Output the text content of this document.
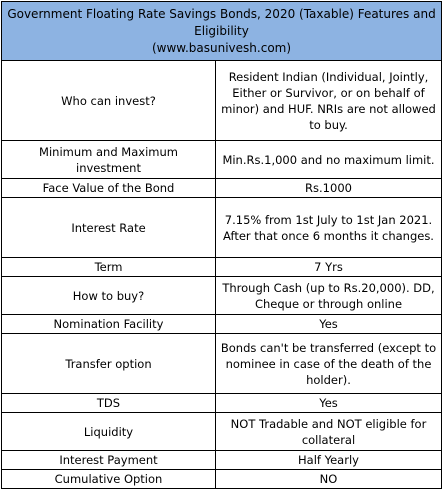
Government Floating Rate Savings Bonds, 2020 (Taxable) Features and Eligibility
(www.basunivesh.com)	

Who can invest?	Resident Indian (Individual, Jointly, Either or Survivor, or on behalf of minor) and HUF. NRIs are not allowed to buy.
Minimum and Maximum investment	Min.Rs.1,000 and no maximum limit.
Face Value of the Bond	Rs.1000
Interest Rate	7.15% from 1st July to 1st Jan 2021. After that once 6 months it changes.
Term	7 Yrs
How to buy?	Through Cash (up to Rs.20,000). DD, Cheque or through online
Nomination Facility	Yes
Transfer option	Bonds can't be transferred (except to nominee in case of the death of the holder).
TDS	Yes
Liquidity	NOT Tradable and NOT eligible for collateral
Interest Payment	Half Yearly
Cumulative Option	NO
